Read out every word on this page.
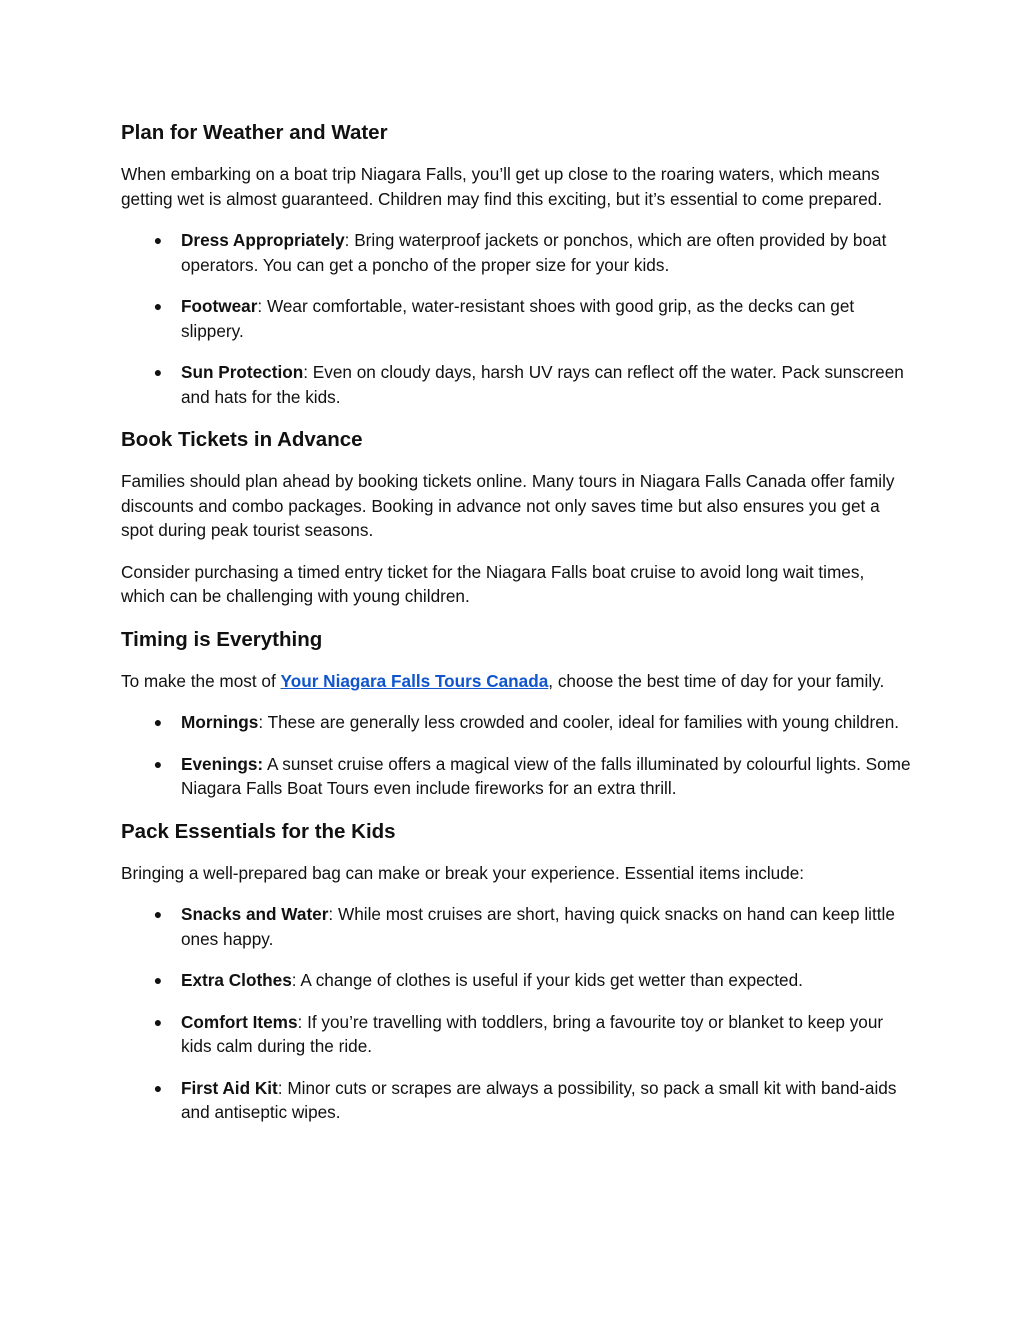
Plan for Weather and Water

When embarking on a boat trip Niagara Falls, you’ll get up close to the roaring waters, which means getting wet is almost guaranteed. Children may find this exciting, but it’s essential to come prepared.

● Dress Appropriately: Bring waterproof jackets or ponchos, which are often provided by boat operators. You can get a poncho of the proper size for your kids.
● Footwear: Wear comfortable, water-resistant shoes with good grip, as the decks can get slippery.
● Sun Protection: Even on cloudy days, harsh UV rays can reflect off the water. Pack sunscreen and hats for the kids.
Book Tickets in Advance

Families should plan ahead by booking tickets online. Many tours in Niagara Falls Canada offer family discounts and combo packages. Booking in advance not only saves time but also ensures you get a spot during peak tourist seasons.

Consider purchasing a timed entry ticket for the Niagara Falls boat cruise to avoid long wait times, which can be challenging with young children.

Timing is Everything

To make the most of Your Niagara Falls Tours Canada, choose the best time of day for your family.

● Mornings: These are generally less crowded and cooler, ideal for families with young children.
● Evenings: A sunset cruise offers a magical view of the falls illuminated by colourful lights. Some Niagara Falls Boat Tours even include fireworks for an extra thrill.
Pack Essentials for the Kids

Bringing a well-prepared bag can make or break your experience. Essential items include:

● Snacks and Water: While most cruises are short, having quick snacks on hand can keep little ones happy.
● Extra Clothes: A change of clothes is useful if your kids get wetter than expected.
● Comfort Items: If you’re travelling with toddlers, bring a favourite toy or blanket to keep your kids calm during the ride.
● First Aid Kit: Minor cuts or scrapes are always a possibility, so pack a small kit with band-aids and antiseptic wipes.
